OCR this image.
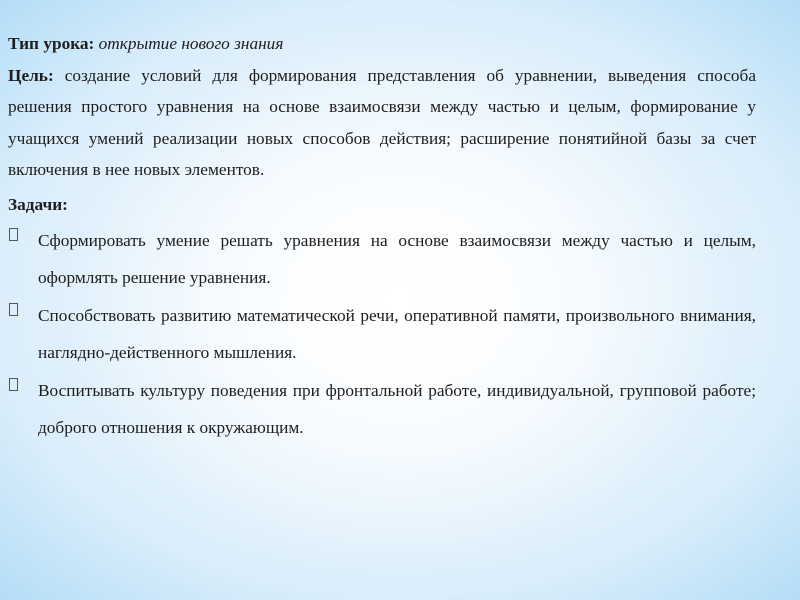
Тип урока: открытие нового знания

Цель: создание условий для формирования представления об уравнении, выведения способа решения простого уравнения на основе взаимосвязи между частью и целым, формирование у учащихся умений реализации новых способов действия; расширение понятийной базы за счет включения в нее новых элементов.

Задачи:

Сформировать умение решать уравнения на основе взаимосвязи между частью и целым, оформлять решение уравнения.
Способствовать развитию математической речи, оперативной памяти, произвольного внимания, наглядно-действенного мышления.
Воспитывать культуру поведения при фронтальной работе, индивидуальной, групповой работе; доброго отношения к окружающим.
